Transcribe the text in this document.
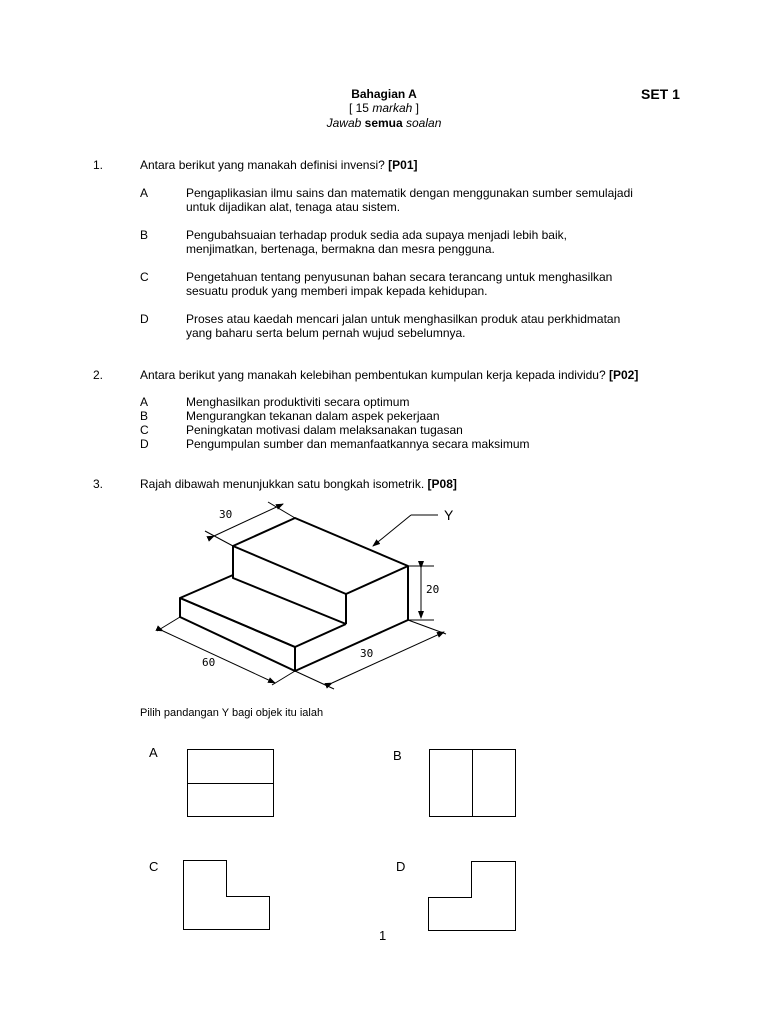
Bahagian A
[ 15 markah ]
Jawab semua soalan
SET 1
1.	Antara berikut yang manakah definisi invensi? [P01]
A	Pengaplikasian ilmu sains dan matematik dengan menggunakan sumber semulajadi
untuk dijadikan alat, tenaga atau sistem.
B	Pengubahsuaian terhadap produk sedia ada supaya menjadi lebih baik,
menjimatkan, bertenaga, bermakna dan mesra pengguna.
C	Pengetahuan tentang penyusunan bahan secara terancang untuk menghasilkan
sesuatu produk yang memberi impak kepada kehidupan.
D	Proses atau kaedah mencari jalan untuk menghasilkan produk atau perkhidmatan
yang baharu serta belum pernah wujud sebelumnya.
2.	Antara berikut yang manakah kelebihan pembentukan kumpulan kerja kepada individu? [P02]
A	Menghasilkan produktiviti secara optimum
B	Mengurangkan tekanan dalam aspek pekerjaan
C	Peningkatan motivasi dalam melaksanakan tugasan
D	Pengumpulan sumber dan memanfaatkannya secara maksimum
3.	Rajah dibawah menunjukkan satu bongkah isometrik. [P08]
30
20
60
30
Y
Pilih pandangan Y bagi objek itu ialah
A	B
C	D
1
